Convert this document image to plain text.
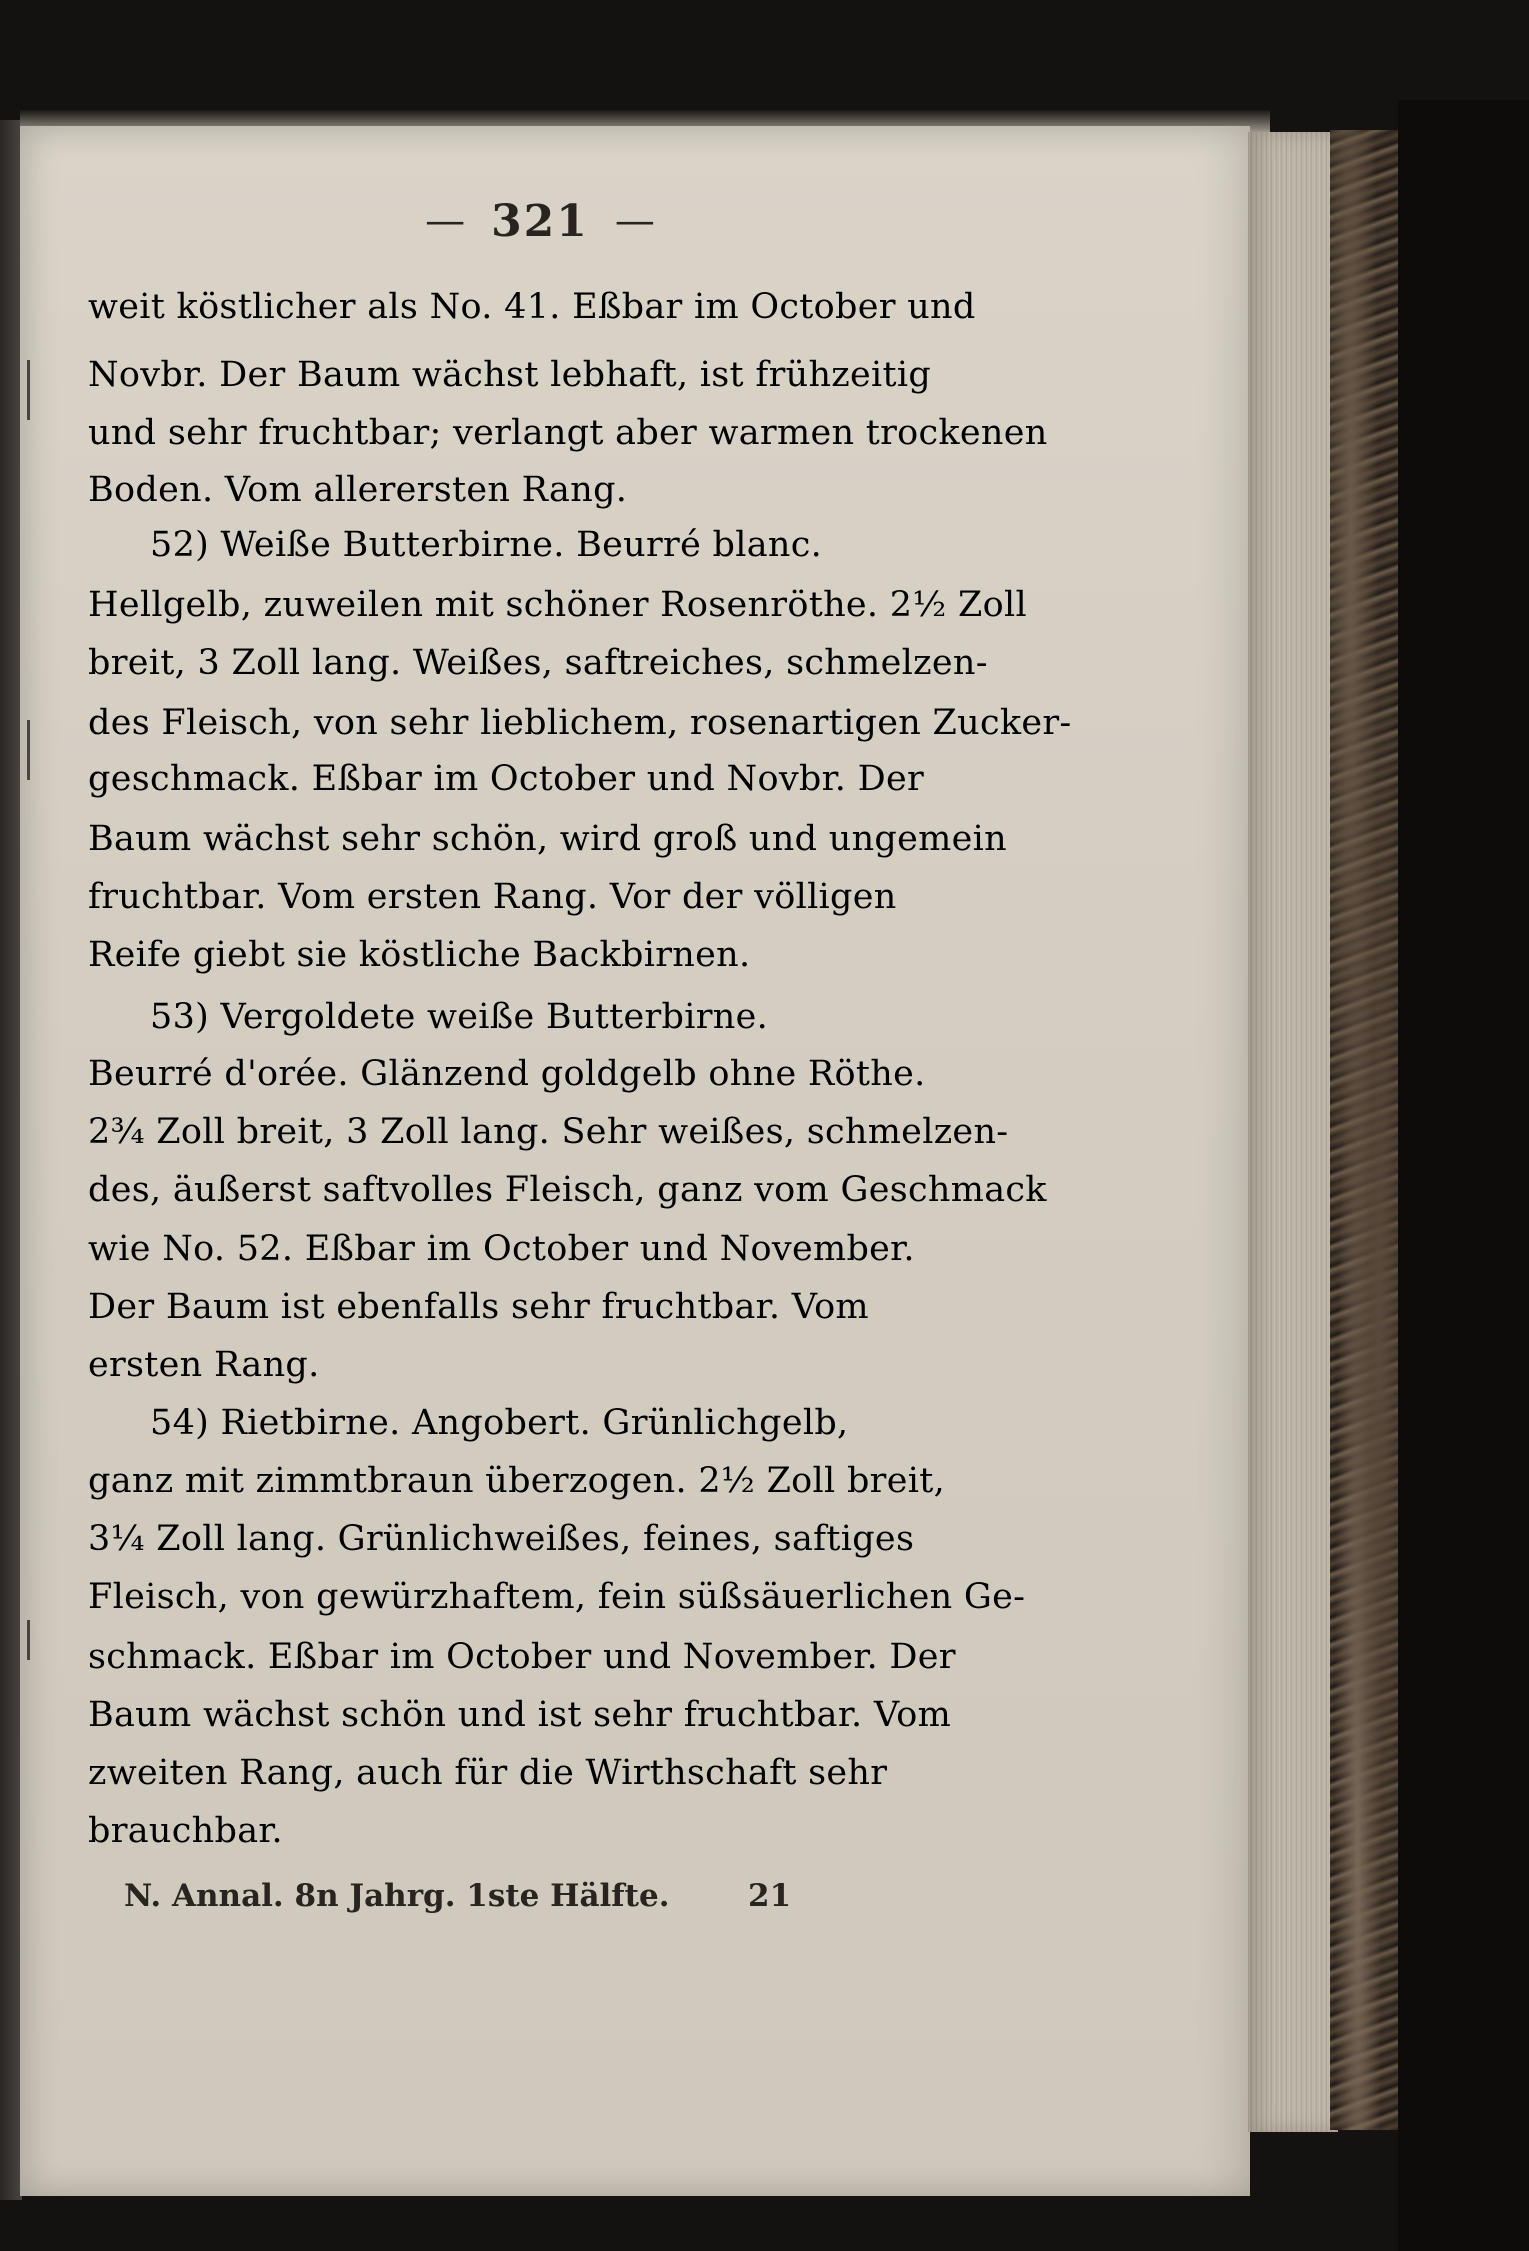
— 321 —
weit köstlicher als No. 41. Eßbar im October und
Novbr. Der Baum wächst lebhaft, ist frühzeitig
und sehr fruchtbar; verlangt aber warmen trockenen
Boden. Vom allerersten Rang.
52) Weiße Butterbirne. Beurré blanc.
Hellgelb, zuweilen mit schöner Rosenröthe. 2½ Zoll
breit, 3 Zoll lang. Weißes, saftreiches, schmelzen-
des Fleisch, von sehr lieblichem, rosenartigen Zucker-
geschmack. Eßbar im October und Novbr. Der
Baum wächst sehr schön, wird groß und ungemein
fruchtbar. Vom ersten Rang. Vor der völligen
Reife giebt sie köstliche Backbirnen.
53) Vergoldete weiße Butterbirne.
Beurré d'orée. Glänzend goldgelb ohne Röthe.
2¾ Zoll breit, 3 Zoll lang. Sehr weißes, schmelzen-
des, äußerst saftvolles Fleisch, ganz vom Geschmack
wie No. 52. Eßbar im October und November.
Der Baum ist ebenfalls sehr fruchtbar. Vom
ersten Rang.
54) Rietbirne. Angobert. Grünlichgelb,
ganz mit zimmtbraun überzogen. 2½ Zoll breit,
3¼ Zoll lang. Grünlichweißes, feines, saftiges
Fleisch, von gewürzhaftem, fein süßsäuerlichen Ge-
schmack. Eßbar im October und November. Der
Baum wächst schön und ist sehr fruchtbar. Vom
zweiten Rang, auch für die Wirthschaft sehr
brauchbar.
N. Annal. 8n Jahrg. 1ste Hälfte.	21
